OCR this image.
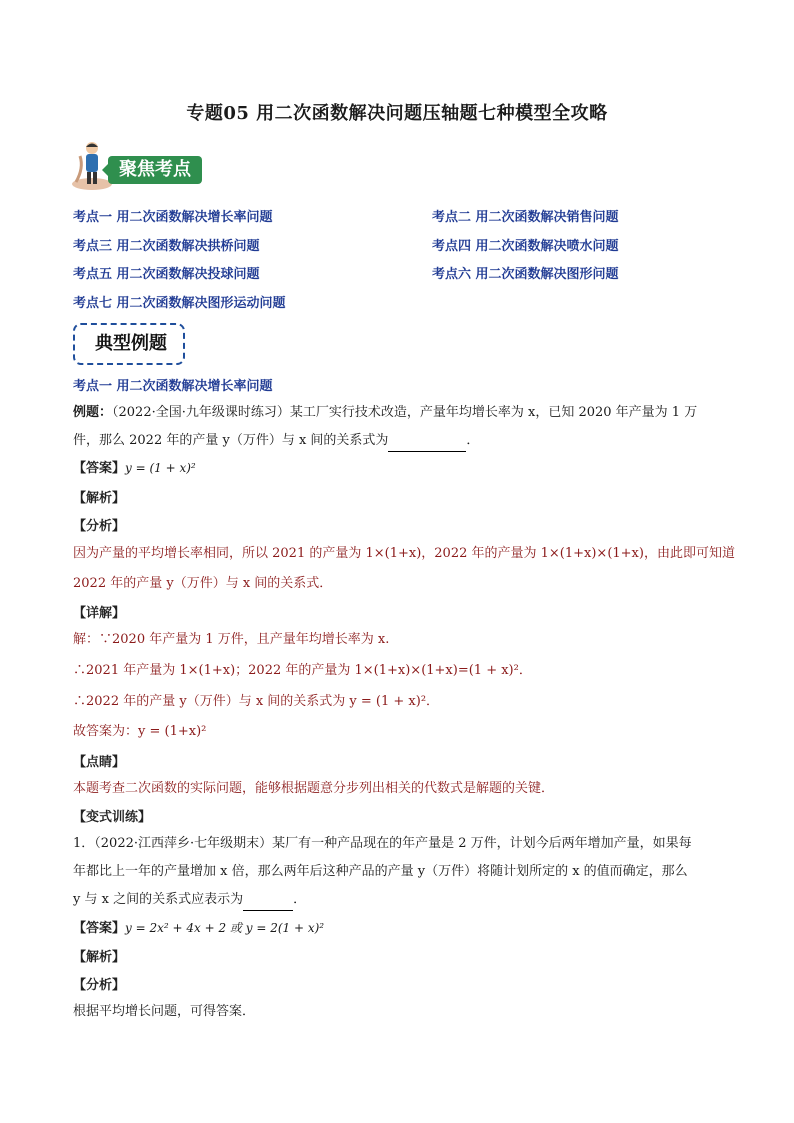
专题05 用二次函数解决问题压轴题七种模型全攻略
聚焦考点
考点一 用二次函数解决增长率问题	考点二 用二次函数解决销售问题
考点三 用二次函数解决拱桥问题	考点四 用二次函数解决喷水问题
考点五 用二次函数解决投球问题	考点六 用二次函数解决图形问题
考点七 用二次函数解决图形运动问题
典型例题
考点一 用二次函数解决增长率问题
例题：（2022·全国·九年级课时练习）某工厂实行技术改造，产量年均增长率为 x，已知 2020 年产量为 1 万
件，那么 2022 年的产量 y（万件）与 x 间的关系式为	．
【答案】y = (1 + x)²
【解析】
【分析】
因为产量的平均增长率相同，所以 2021 的产量为 1×(1+x)，2022 年的产量为 1×(1+x)×(1+x)，由此即可知道
2022 年的产量 y（万件）与 x 间的关系式．
【详解】
解：∵2020 年产量为 1 万件，且产量年均增长率为 x.
∴2021 年产量为 1×(1+x)；2022 年的产量为 1×(1+x)×(1+x)=(1 + x)²．
∴2022 年的产量 y（万件）与 x 间的关系式为 y = (1 + x)²．
故答案为：y = (1+x)²
【点睛】
本题考查二次函数的实际问题，能够根据题意分步列出相关的代数式是解题的关键．
【变式训练】
1．（2022·江西萍乡·七年级期末）某厂有一种产品现在的年产量是 2 万件，计划今后两年增加产量，如果每
年都比上一年的产量增加 x 倍，那么两年后这种产品的产量 y（万件）将随计划所定的 x 的值而确定，那么
y 与 x 之间的关系式应表示为	．
【答案】y = 2x² + 4x + 2 或 y = 2(1 + x)²
【解析】
【分析】
根据平均增长问题，可得答案．
